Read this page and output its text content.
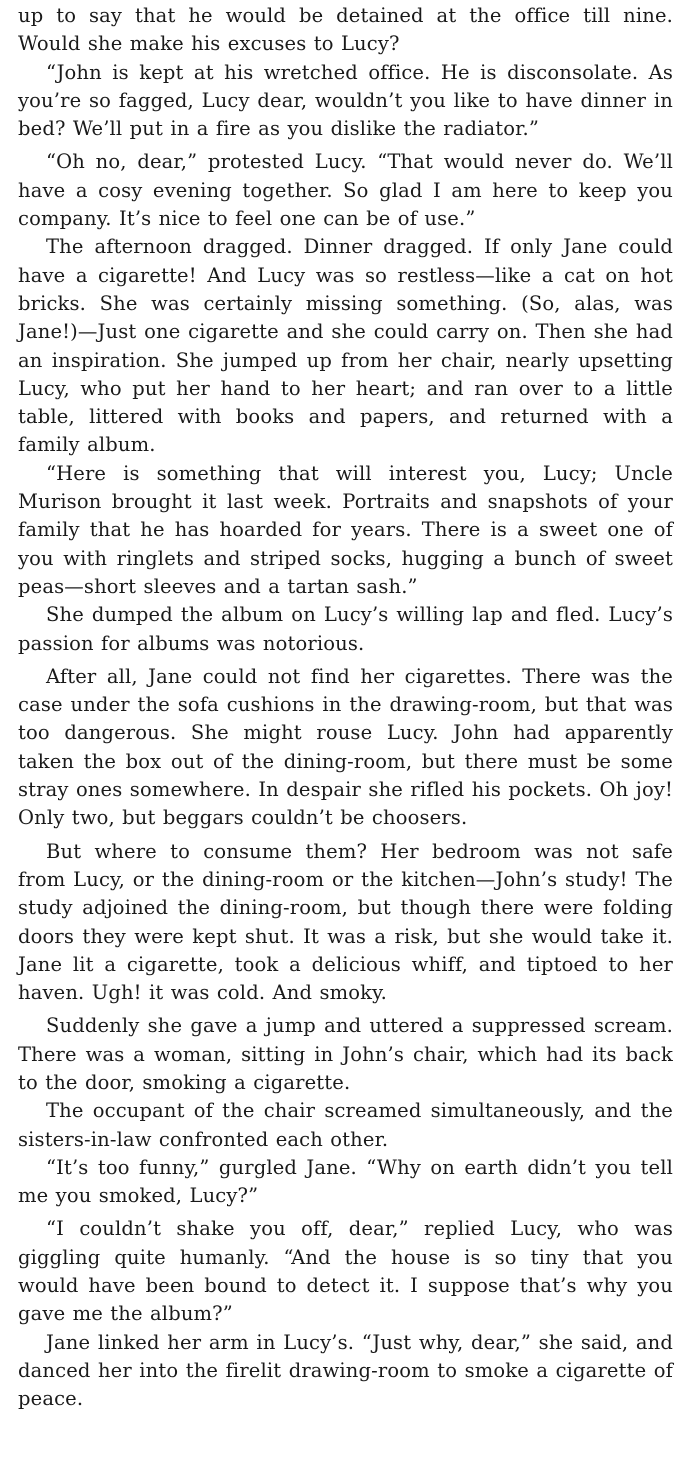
up to say that he would be detained at the office till nine. Would she make his excuses to Lucy?

“John is kept at his wretched office. He is disconsolate. As you’re so fagged, Lucy dear, wouldn’t you like to have dinner in bed? We’ll put in a fire as you dislike the radiator.”

“Oh no, dear,” protested Lucy. “That would never do. We’ll have a cosy evening together. So glad I am here to keep you company. It’s nice to feel one can be of use.”

The afternoon dragged. Dinner dragged. If only Jane could have a cigarette! And Lucy was so restless—like a cat on hot bricks. She was certainly missing something. (So, alas, was Jane!)—Just one cigarette and she could carry on. Then she had an inspiration. She jumped up from her chair, nearly upsetting Lucy, who put her hand to her heart; and ran over to a little table, littered with books and papers, and returned with a family album.

“Here is something that will interest you, Lucy; Uncle Murison brought it last week. Portraits and snapshots of your family that he has hoarded for years. There is a sweet one of you with ringlets and striped socks, hugging a bunch of sweet peas—short sleeves and a tartan sash.”

She dumped the album on Lucy’s willing lap and fled. Lucy’s passion for albums was notorious.

After all, Jane could not find her cigarettes. There was the case under the sofa cushions in the drawing-room, but that was too dangerous. She might rouse Lucy. John had apparently taken the box out of the dining-room, but there must be some stray ones somewhere. In despair she rifled his pockets. Oh joy! Only two, but beggars couldn’t be choosers.

But where to consume them? Her bedroom was not safe from Lucy, or the dining-room or the kitchen—John’s study! The study adjoined the dining-room, but though there were folding doors they were kept shut. It was a risk, but she would take it. Jane lit a cigarette, took a delicious whiff, and tiptoed to her haven. Ugh! it was cold. And smoky.

Suddenly she gave a jump and uttered a suppressed scream. There was a woman, sitting in John’s chair, which had its back to the door, smoking a cigarette.

The occupant of the chair screamed simultaneously, and the sisters-in-law confronted each other.

“It’s too funny,” gurgled Jane. “Why on earth didn’t you tell me you smoked, Lucy?”

“I couldn’t shake you off, dear,” replied Lucy, who was giggling quite humanly. “And the house is so tiny that you would have been bound to detect it. I suppose that’s why you gave me the album?”

Jane linked her arm in Lucy’s. “Just why, dear,” she said, and danced her into the firelit drawing-room to smoke a cigarette of peace.
